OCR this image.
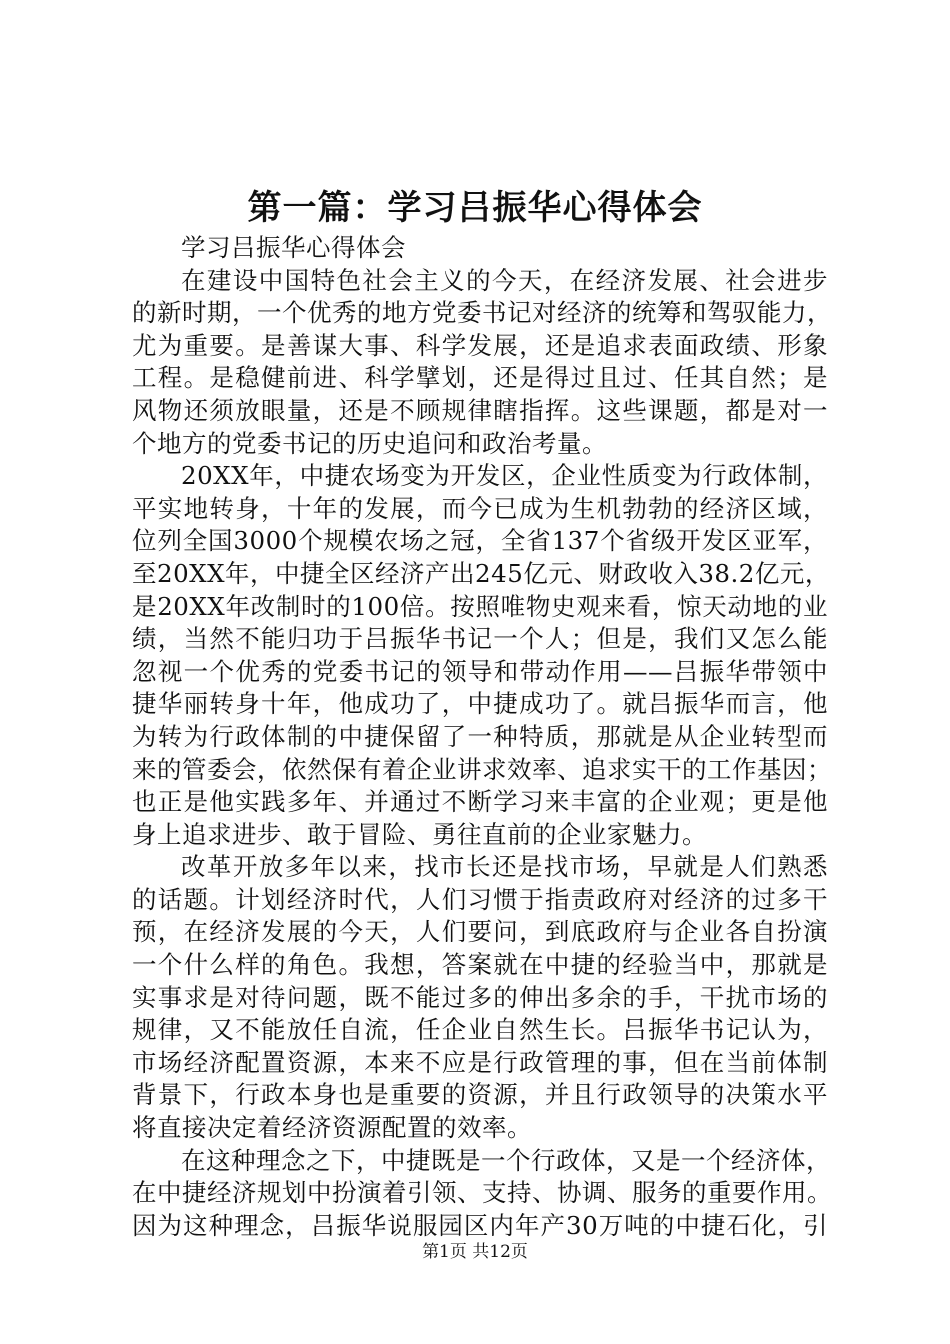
第一篇：学习吕振华心得体会
学习吕振华心得体会
在建设中国特色社会主义的今天，在经济发展、社会进步
的新时期，一个优秀的地方党委书记对经济的统筹和驾驭能力，
尤为重要。是善谋大事、科学发展，还是追求表面政绩、形象
工程。是稳健前进、科学擘划，还是得过且过、任其自然；是
风物还须放眼量，还是不顾规律瞎指挥。这些课题，都是对一
个地方的党委书记的历史追问和政治考量。
20XX年，中捷农场变为开发区，企业性质变为行政体制，
平实地转身，十年的发展，而今已成为生机勃勃的经济区域，
位列全国3000个规模农场之冠，全省137个省级开发区亚军，
至20XX年，中捷全区经济产出245亿元、财政收入38.2亿元，
是20XX年改制时的100倍。按照唯物史观来看，惊天动地的业
绩，当然不能归功于吕振华书记一个人；但是，我们又怎么能
忽视一个优秀的党委书记的领导和带动作用——吕振华带领中
捷华丽转身十年，他成功了，中捷成功了。就吕振华而言，他
为转为行政体制的中捷保留了一种特质，那就是从企业转型而
来的管委会，依然保有着企业讲求效率、追求实干的工作基因；
也正是他实践多年、并通过不断学习来丰富的企业观；更是他
身上追求进步、敢于冒险、勇往直前的企业家魅力。
改革开放多年以来，找市长还是找市场，早就是人们熟悉
的话题。计划经济时代，人们习惯于指责政府对经济的过多干
预，在经济发展的今天，人们要问，到底政府与企业各自扮演
一个什么样的角色。我想，答案就在中捷的经验当中，那就是
实事求是对待问题，既不能过多的伸出多余的手，干扰市场的
规律，又不能放任自流，任企业自然生长。吕振华书记认为，
市场经济配置资源，本来不应是行政管理的事，但在当前体制
背景下，行政本身也是重要的资源，并且行政领导的决策水平
将直接决定着经济资源配置的效率。
在这种理念之下，中捷既是一个行政体，又是一个经济体，
在中捷经济规划中扮演着引领、支持、协调、服务的重要作用。
因为这种理念，吕振华说服园区内年产30万吨的中捷石化，引
第1页 共12页
